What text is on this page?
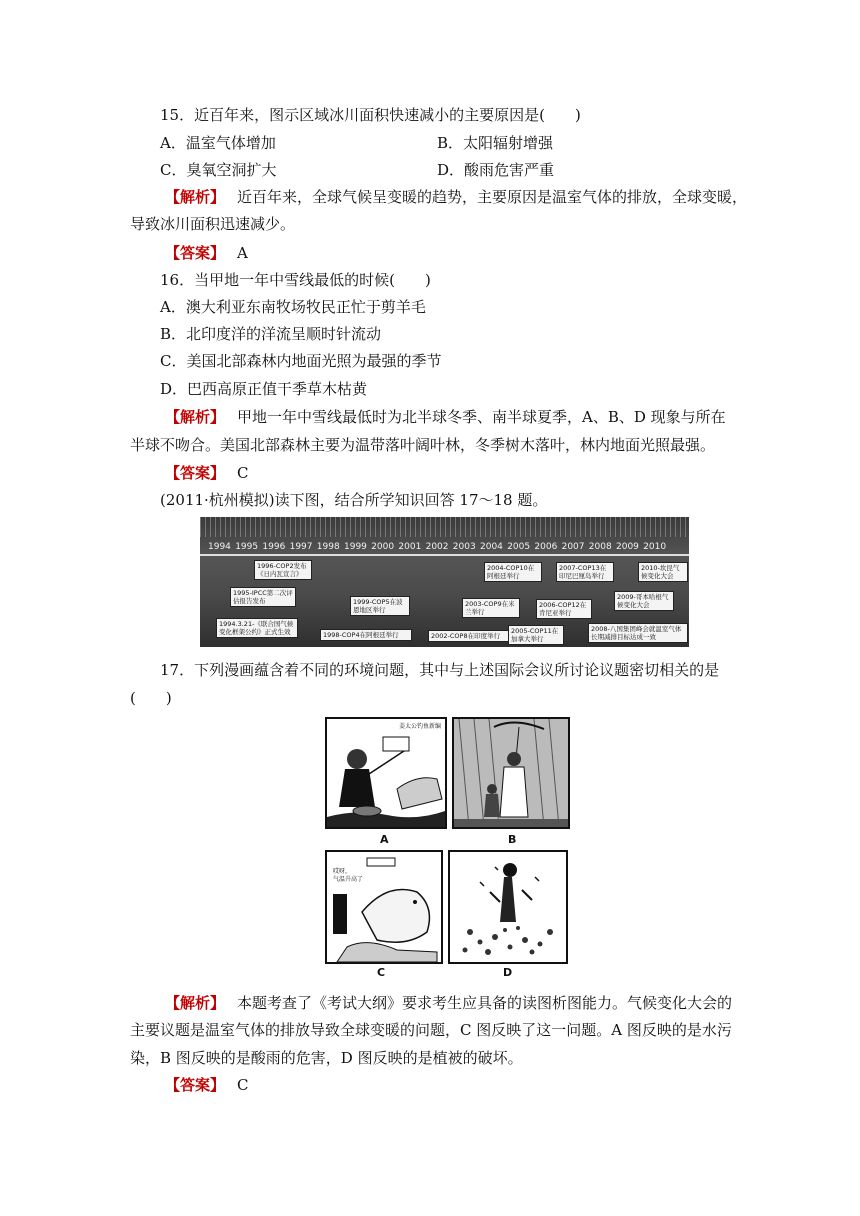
15．近百年来，图示区域冰川面积快速减小的主要原因是(　　)
A．温室气体增加	B．太阳辐射增强
C．臭氧空洞扩大	D．酸雨危害严重
【解析】 近百年来，全球气候呈变暖的趋势，主要原因是温室气体的排放，全球变暖，
导致冰川面积迅速减少。
【答案】 A
16．当甲地一年中雪线最低的时候(　　)
A．澳大利亚东南牧场牧民正忙于剪羊毛
B．北印度洋的洋流呈顺时针流动
C．美国北部森林内地面光照为最强的季节
D．巴西高原正值干季草木枯黄
【解析】 甲地一年中雪线最低时为北半球冬季、南半球夏季，A、B、D 现象与所在
半球不吻合。美国北部森林主要为温带落叶阔叶林，冬季树木落叶，林内地面光照最强。
【答案】 C
(2011·杭州模拟)读下图，结合所学知识回答 17～18 题。
1994 1995 1996 1997 1998 1999 2000 2001 2002 2003 2004 2005 2006 2007 2008 2009 2010
1996-COP2发布《日内瓦宣言》
1995-IPCC第二次评估报告发布
1994.3.21-《联合国气候变化框架公约》正式生效
1999-COP5在波恩地区举行
1998-COP4在阿根廷举行
2004-COP10在阿根廷举行
2003-COP9在米兰举行
2002-COP8在印度举行
2007-COP13在印尼巴厘岛举行
2006-COP12在肯尼亚举行
2005-COP11在加拿大举行
2010-坎昆气候变化大会
2009-哥本哈根气候变化大会
2008-八国集团峰会就温室气体长期减排目标达成一致
17．下列漫画蕴含着不同的环境问题，其中与上述国际会议所讨论议题密切相关的是
(　　)
姜太公钓鱼新编
A	B
哎呀，
气温升高了
C	D
【解析】 本题考查了《考试大纲》要求考生应具备的读图析图能力。气候变化大会的
主要议题是温室气体的排放导致全球变暖的问题，C 图反映了这一问题。A 图反映的是水污
染，B 图反映的是酸雨的危害，D 图反映的是植被的破坏。
【答案】 C
